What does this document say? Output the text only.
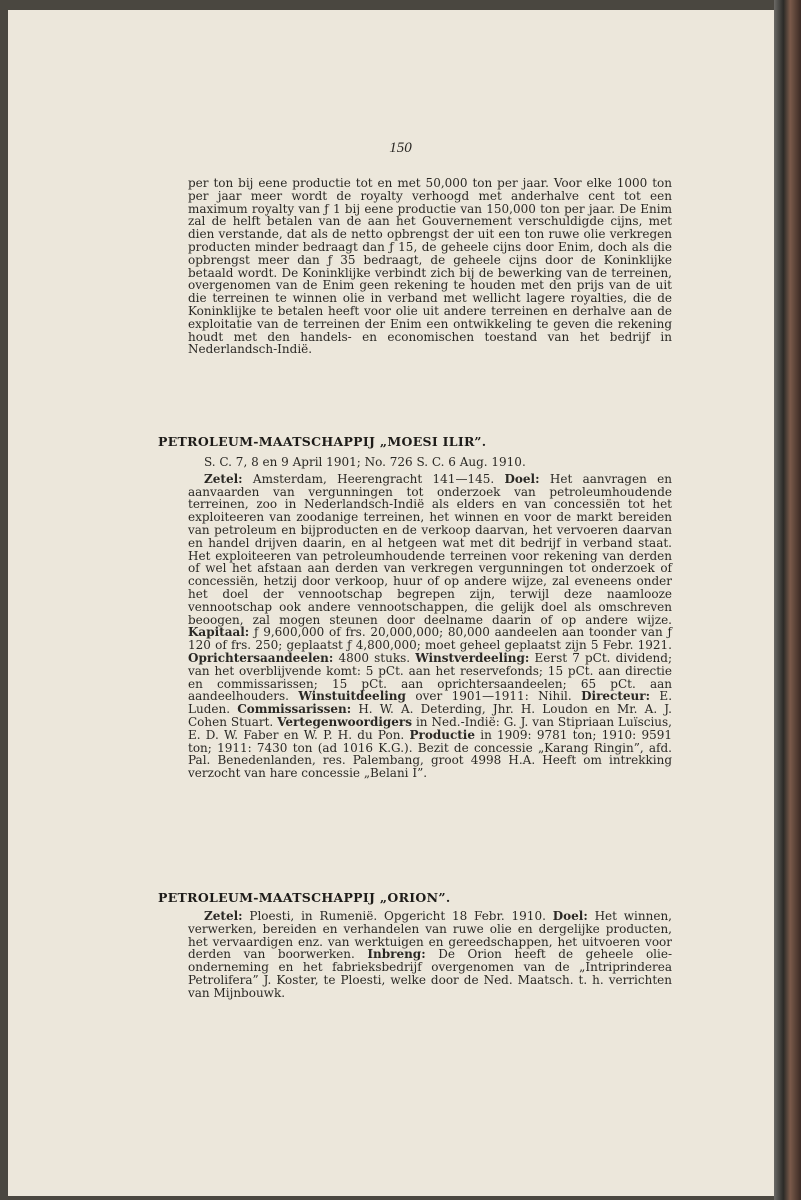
150

per ton bij eene productie tot en met 50,000 ton per jaar. Voor elke 1000 ton per jaar meer wordt de royalty verhoogd met anderhalve cent tot een maximum royalty van ƒ 1 bij eene productie van 150,000 ton per jaar. De Enim zal de helft betalen van de aan het Gouvernement verschuldigde cijns, met dien verstande, dat als de netto opbrengst der uit een ton ruwe olie verkregen producten minder bedraagt dan ƒ 15, de geheele cijns door Enim, doch als die opbrengst meer dan ƒ 35 bedraagt, de geheele cijns door de Koninklijke betaald wordt. De Koninklijke verbindt zich bij de bewerking van de terreinen, overgenomen van de Enim geen rekening te houden met den prijs van de uit die terreinen te winnen olie in verband met wellicht lagere royalties, die de Koninklijke te betalen heeft voor olie uit andere terreinen en derhalve aan de exploitatie van de terreinen der Enim een ontwikkeling te geven die rekening houdt met den handels- en economischen toestand van het bedrijf in Nederlandsch-Indië.

PETROLEUM-MAATSCHAPPIJ „MOESI ILIR”.
S. C. 7, 8 en 9 April 1901; No. 726 S. C. 6 Aug. 1910.

Zetel: Amsterdam, Heerengracht 141—145. Doel: Het aanvragen en aanvaarden van vergunningen tot onderzoek van petroleumhoudende terreinen, zoo in Nederlandsch-Indië als elders en van concessiën tot het exploiteeren van zoodanige terreinen, het winnen en voor de markt bereiden van petroleum en bijproducten en de verkoop daarvan, het vervoeren daarvan en handel drijven daarin, en al hetgeen wat met dit bedrijf in verband staat. Het exploiteeren van petroleumhoudende terreinen voor rekening van derden of wel het afstaan aan derden van verkregen vergunningen tot onderzoek of concessiën, hetzij door verkoop, huur of op andere wijze, zal eveneens onder het doel der vennootschap begrepen zijn, terwijl deze naamlooze vennootschap ook andere vennootschappen, die gelijk doel als omschreven beoogen, zal mogen steunen door deelname daarin of op andere wijze. Kapitaal: ƒ 9,600,000 of frs. 20,000,000; 80,000 aandeelen aan toonder van ƒ 120 of frs. 250; geplaatst ƒ 4,800,000; moet geheel geplaatst zijn 5 Febr. 1921. Oprichtersaandeelen: 4800 stuks. Winstverdeeling: Eerst 7 pCt. dividend; van het overblijvende komt: 5 pCt. aan het reservefonds; 15 pCt. aan directie en commissarissen; 15 pCt. aan oprichtersaandeelen; 65 pCt. aan aandeelhouders. Winstuitdeeling over 1901—1911: Nihil. Directeur: E. Luden. Commissarissen: H. W. A. Deterding, Jhr. H. Loudon en Mr. A. J. Cohen Stuart. Vertegenwoordigers in Ned.-Indië: G. J. van Stipriaan Luïscius, E. D. W. Faber en W. P. H. du Pon. Productie in 1909: 9781 ton; 1910: 9591 ton; 1911: 7430 ton (ad 1016 K.G.). Bezit de concessie „Karang Ringin”, afd. Pal. Benedenlanden, res. Palembang, groot 4998 H.A. Heeft om intrekking verzocht van hare concessie „Belani I”.

PETROLEUM-MAATSCHAPPIJ „ORION”.

Zetel: Ploesti, in Rumenië. Opgericht 18 Febr. 1910. Doel: Het winnen, verwerken, bereiden en verhandelen van ruwe olie en dergelijke producten, het vervaardigen enz. van werktuigen en gereedschappen, het uitvoeren voor derden van boorwerken. Inbreng: De Orion heeft de geheele olie-onderneming en het fabrieksbedrijf overgenomen van de „Intriprinderea Petrolifera” J. Koster, te Ploesti, welke door de Ned. Maatsch. t. h. verrichten van Mijnbouwk.
